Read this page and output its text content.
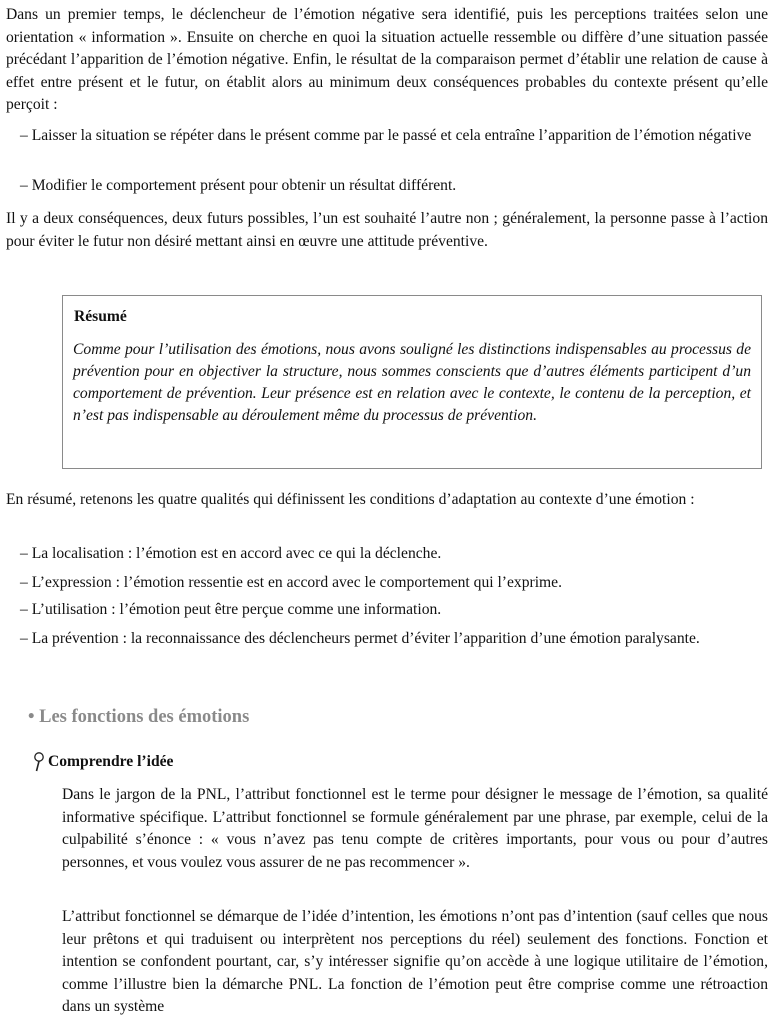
Dans un premier temps, le déclencheur de l’émotion négative sera identifié, puis les perceptions traitées selon une orientation « information ». Ensuite on cherche en quoi la situation actuelle ressemble ou diffère d’une situation passée précédant l’apparition de l’émotion négative. Enfin, le résultat de la comparaison permet d’établir une relation de cause à effet entre présent et le futur, on établit alors au minimum deux conséquences probables du contexte présent qu’elle perçoit :

– Laisser la situation se répéter dans le présent comme par le passé et cela entraîne l’apparition de l’émotion négative

– Modifier le comportement présent pour obtenir un résultat différent.

Il y a deux conséquences, deux futurs possibles, l’un est souhaité l’autre non ; généralement, la personne passe à l’action pour éviter le futur non désiré mettant ainsi en œuvre une attitude préventive.

Résumé

Comme pour l’utilisation des émotions, nous avons souligné les distinctions indispensables au processus de prévention pour en objectiver la structure, nous sommes conscients que d’autres éléments participent d’un comportement de prévention. Leur présence est en relation avec le contexte, le contenu de la perception, et n’est pas indispensable au déroulement même du processus de prévention.

En résumé, retenons les quatre qualités qui définissent les conditions d’adaptation au contexte d’une émotion :

– La localisation : l’émotion est en accord avec ce qui la déclenche.

– L’expression : l’émotion ressentie est en accord avec le comportement qui l’exprime.

– L’utilisation : l’émotion peut être perçue comme une information.

– La prévention : la reconnaissance des déclencheurs permet d’éviter l’apparition d’une émotion paralysante.

• Les fonctions des émotions

Comprendre l’idée

Dans le jargon de la PNL, l’attribut fonctionnel est le terme pour désigner le message de l’émotion, sa qualité informative spécifique. L’attribut fonctionnel se formule généralement par une phrase, par exemple, celui de la culpabilité s’énonce : « vous n’avez pas tenu compte de critères importants, pour vous ou pour d’autres personnes, et vous voulez vous assurer de ne pas recommencer ».

L’attribut fonctionnel se démarque de l’idée d’intention, les émotions n’ont pas d’intention (sauf celles que nous leur prêtons et qui traduisent ou interprètent nos perceptions du réel) seulement des fonctions. Fonction et intention se confondent pourtant, car, s’y intéresser signifie qu’on accède à une logique utilitaire de l’émotion, comme l’illustre bien la démarche PNL. La fonction de l’émotion peut être comprise comme une rétroaction dans un système
